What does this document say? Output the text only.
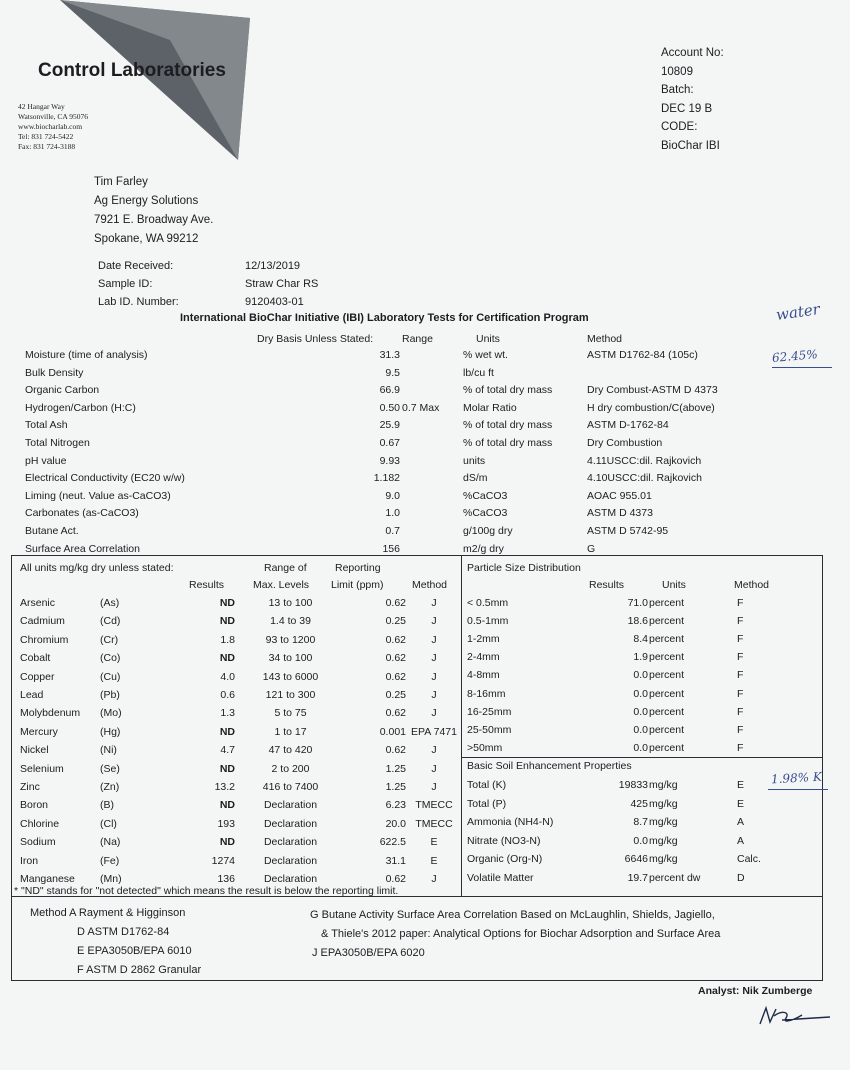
Control Laboratories
42 Hangar Way
Watsonville, CA 95076
www.biocharlab.com
Tel: 831 724-5422
Fax: 831 724-3188
Account No:
10809
Batch:
DEC 19 B
CODE:
BioChar IBI
Tim Farley
Ag Energy Solutions
7921 E. Broadway Ave.
Spokane, WA 99212
Date Received:	12/13/2019
Sample ID:	Straw Char RS
Lab ID. Number:	9120403-01
International BioChar Initiative (IBI) Laboratory Tests for Certification Program	water
62.45%
Dry Basis Unless Stated:	Range	Units	Method
Moisture (time of analysis)	31.3	% wet wt.	ASTM D1762-84 (105c)
Bulk Density	9.5	lb/cu ft
Organic Carbon	66.9	% of total dry mass	Dry Combust-ASTM D 4373
Hydrogen/Carbon (H:C)	0.50 0.7 Max Molar Ratio	H dry combustion/C(above)
Total Ash	25.9	% of total dry mass	ASTM D-1762-84
Total Nitrogen	0.67	% of total dry mass	Dry Combustion
pH value	9.93	units	4.11USCC:dil. Rajkovich
Electrical Conductivity (EC20 w/w)	1.182	dS/m	4.10USCC:dil. Rajkovich
Liming (neut. Value as-CaCO3)	9.0	%CaCO3	AOAC 955.01
Carbonates (as-CaCO3)	1.0	%CaCO3	ASTM D 4373
Butane Act.	0.7	g/100g dry	ASTM D 5742-95
Surface Area Correlation	156	m2/g dry	G
All units mg/kg dry unless stated:
Results
Range of
Max. Levels
Reporting
Limit (ppm)	Method
Particle Size Distribution
Results	Units	Method
Arsenic	(As)	ND	13 to 100	0.62	J
Cadmium	(Cd)	ND	1.4 to 39	0.25	J
Chromium	(Cr)	1.8	93 to 1200	0.62	J
Cobalt	(Co)	ND	34 to 100	0.62	J
Copper	(Cu)	4.0	143 to 6000	0.62	J
Lead	(Pb)	0.6	121 to 300	0.25	J
Molybdenum (Mo)	1.3	5 to 75	0.62	J
Mercury	(Hg)	ND	1 to 17	0.001 EPA 7471
Nickel	(Ni)	4.7	47 to 420	0.62	J
Selenium	(Se)	ND	2 to 200	1.25	J
Zinc	(Zn)	13.2	416 to 7400	1.25	J
Boron	(B)	ND	Declaration	6.23 TMECC
Chlorine	(Cl)	193	Declaration	20.0 TMECC
Sodium	(Na)	ND	Declaration	622.5	E
Iron	(Fe)	1274	Declaration	31.1	E
Manganese (Mn)	136	Declaration	0.62	J
< 0.5mm	71.0 percent	F
0.5-1mm	18.6 percent	F
1-2mm	8.4 percent	F
2-4mm	1.9 percent	F
4-8mm	0.0 percent	F
8-16mm	0.0 percent	F
16-25mm	0.0 percent	F
25-50mm	0.0 percent	F
>50mm	0.0 percent	F
Basic Soil Enhancement Properties
Total (K)	19833 mg/kg	E
Total (P)	425 mg/kg	E
Ammonia (NH4-N)	8.7 mg/kg	A
Nitrate (NO3-N)	0.0 mg/kg	A
Organic (Org-N)	6646 mg/kg	Calc.
Volatile Matter	19.7 percent dw	D
1.98% K
* "ND" stands for "not detected" which means the result is below the reporting limit.
Method A Rayment & Higginson
D ASTM D1762-84
E EPA3050B/EPA 6010
F ASTM D 2862 Granular
G Butane Activity Surface Area Correlation Based on McLaughlin, Shields, Jagiello,
& Thiele's 2012 paper: Analytical Options for Biochar Adsorption and Surface Area
J EPA3050B/EPA 6020
Analyst: Nik Zumberge
